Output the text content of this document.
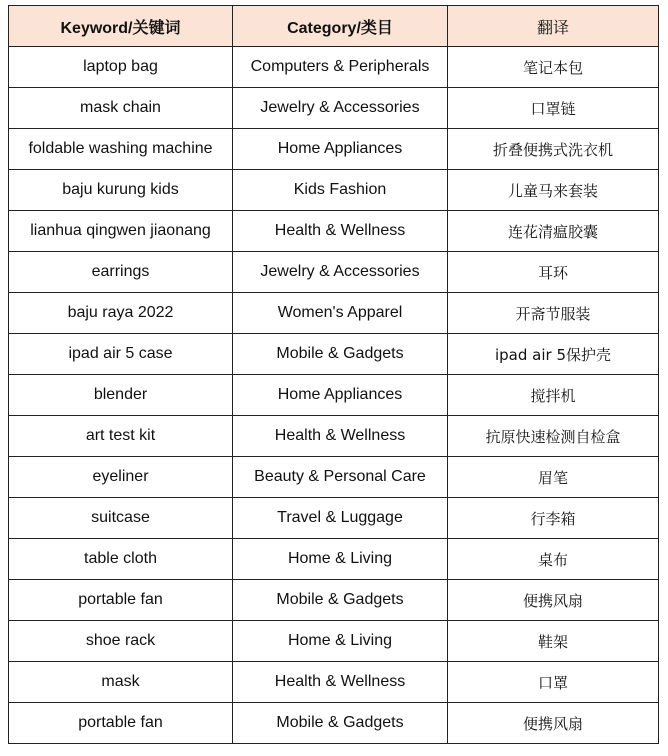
Keyword/关键词	Category/类目	翻译
laptop bag	Computers & Peripherals	笔记本包
mask chain	Jewelry & Accessories	口罩链
foldable washing machine	Home Appliances	折叠便携式洗衣机
baju kurung kids	Kids Fashion	儿童马来套装
lianhua qingwen jiaonang	Health & Wellness	连花清瘟胶囊
earrings	Jewelry & Accessories	耳环
baju raya 2022	Women's Apparel	开斋节服装
ipad air 5 case	Mobile & Gadgets	ipad air 5保护壳
blender	Home Appliances	搅拌机
art test kit	Health & Wellness	抗原快速检测自检盒
eyeliner	Beauty & Personal Care	眉笔
suitcase	Travel & Luggage	行李箱
table cloth	Home & Living	桌布
portable fan	Mobile & Gadgets	便携风扇
shoe rack	Home & Living	鞋架
mask	Health & Wellness	口罩
portable fan	Mobile & Gadgets	便携风扇
